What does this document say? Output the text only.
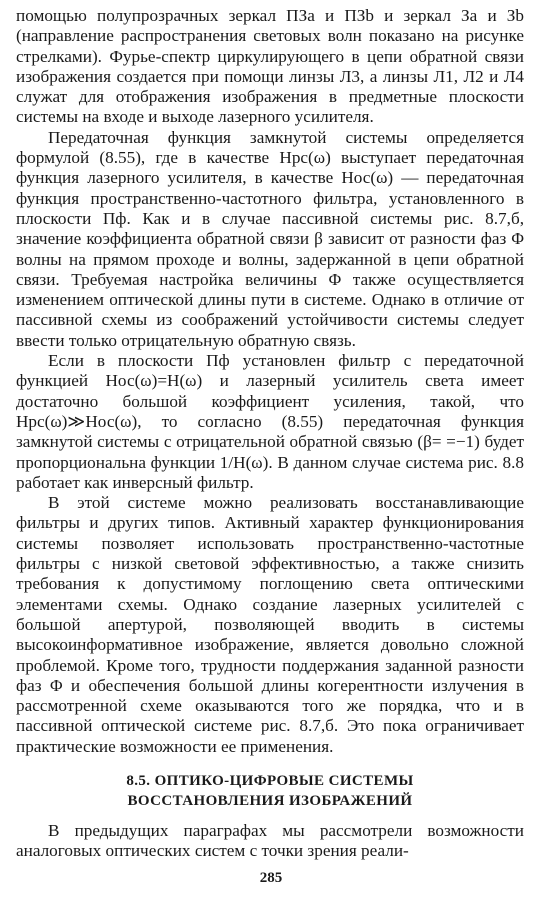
помощью полупрозрачных зеркал ПЗa и ПЗb и зеркал Зa и Зb (направление распространения световых волн показано на рисунке стрелками). Фурье-спектр циркулирующего в цепи обратной связи изображения создается при помощи линзы Л3, а линзы Л1, Л2 и Л4 служат для отображения изображения в предметные плоскости системы на входе и выходе лазерного усилителя.

Передаточная функция замкнутой системы определяется формулой (8.55), где в качестве Hрс(ω) выступает передаточная функция лазерного усилителя, в качестве Hос(ω) — передаточная функция пространственно-частотного фильтра, установленного в плоскости Пф. Как и в случае пассивной системы рис. 8.7,б, значение коэффициента обратной связи β зависит от разности фаз Φ волны на прямом проходе и волны, задержанной в цепи обратной связи. Требуемая настройка величины Φ также осуществляется изменением оптической длины пути в системе. Однако в отличие от пассивной схемы из соображений устойчивости системы следует ввести только отрицательную обратную связь.

Если в плоскости Пф установлен фильтр с передаточной функцией Hос(ω)=H(ω) и лазерный усилитель света имеет достаточно большой коэффициент усиления, такой, что Hрс(ω)≫Hос(ω), то согласно (8.55) передаточная функция замкнутой системы с отрицательной обратной связью (β= =−1) будет пропорциональна функции 1/H(ω). В данном случае система рис. 8.8 работает как инверсный фильтр.

В этой системе можно реализовать восстанавливающие фильтры и других типов. Активный характер функционирования системы позволяет использовать пространственно-частотные фильтры с низкой световой эффективностью, а также снизить требования к допустимому поглощению света оптическими элементами схемы. Однако создание лазерных усилителей с большой апертурой, позволяющей вводить в системы высокоинформативное изображение, является довольно сложной проблемой. Кроме того, трудности поддержания заданной разности фаз Φ и обеспечения большой длины когерентности излучения в рассмотренной схеме оказываются того же порядка, что и в пассивной оптической системе рис. 8.7,б. Это пока ограничивает практические возможности ее применения.

8.5. ОПТИКО-ЦИФРОВЫЕ СИСТЕМЫ
ВОССТАНОВЛЕНИЯ ИЗОБРАЖЕНИЙ

В предыдущих параграфах мы рассмотрели возможности аналоговых оптических систем с точки зрения реали-

285
